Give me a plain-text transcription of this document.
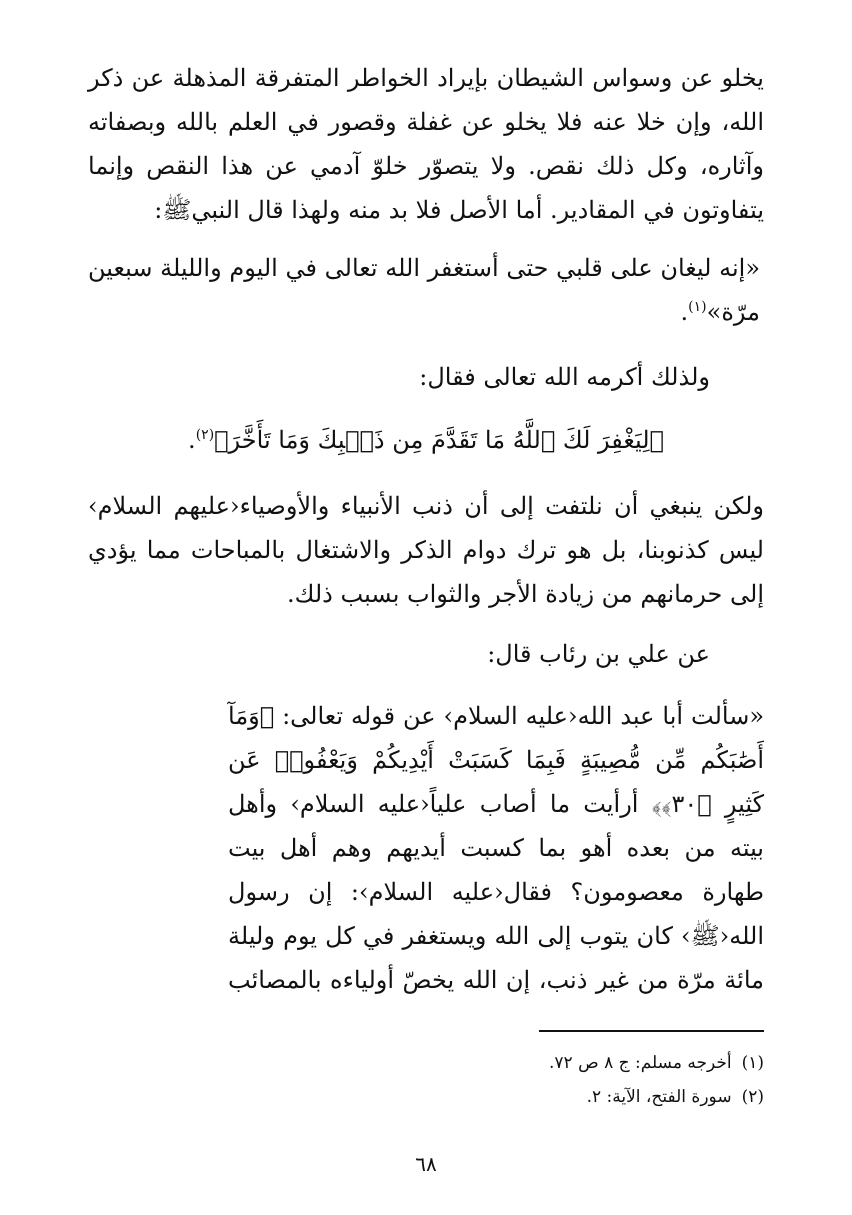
يخلو عن وسواس الشيطان بإيراد الخواطر المتفرقة المذهلة عن ذكر الله، وإن خلا عنه فلا يخلو عن غفلة وقصور في العلم بالله وبصفاته وآثاره، وكل ذلك نقص. ولا يتصوّر خلوّ آدمي عن هذا النقص وإنما يتفاوتون في المقادير. أما الأصل فلا بد منه ولهذا قال النبيﷺ:
«إنه ليغان على قلبي حتى أستغفر الله تعالى في اليوم والليلة سبعين مرّة»$^{(١)}$.
ولذلك أكرمه الله تعالى فقال:
﴿لِيَغْفِرَ لَكَ ٱللَّهُ مَا تَقَدَّمَ مِن ذَنۢبِكَ وَمَا تَأَخَّرَ﴾$^{(٢)}$.
ولكن ينبغي أن نلتفت إلى أن ذنب الأنبياء والأوصياء‹عليهم السلام› ليس كذنوبنا، بل هو ترك دوام الذكر والاشتغال بالمباحات مما يؤدي إلى حرمانهم من زيادة الأجر والثواب بسبب ذلك.
عن علي بن رئاب قال:
«سألت أبا عبد الله‹عليه السلام› عن قوله تعالى: ﴿وَمَآ أَصَٰبَكُم مِّن مُّصِيبَةٍ فَبِمَا كَسَبَتْ أَيْدِيكُمْ وَيَعْفُوا۟ عَن كَثِيرٍ ﴿٣٠﴾﴾ أرأيت ما أصاب علياً‹عليه السلام› وأهل بيته من بعده أهو بما كسبت أيديهم وهم أهل بيت طهارة معصومون؟ فقال‹عليه السلام›: إن رسول الله‹ﷺ› كان يتوب إلى الله ويستغفر في كل يوم وليلة مائة مرّة من غير ذنب، إن الله يخصّ أولياءه بالمصائب
(١)أخرجه مسلم: ج ٨ ص ٧٢.
(٢)سورة الفتح، الآية: ٢.
٦٨
